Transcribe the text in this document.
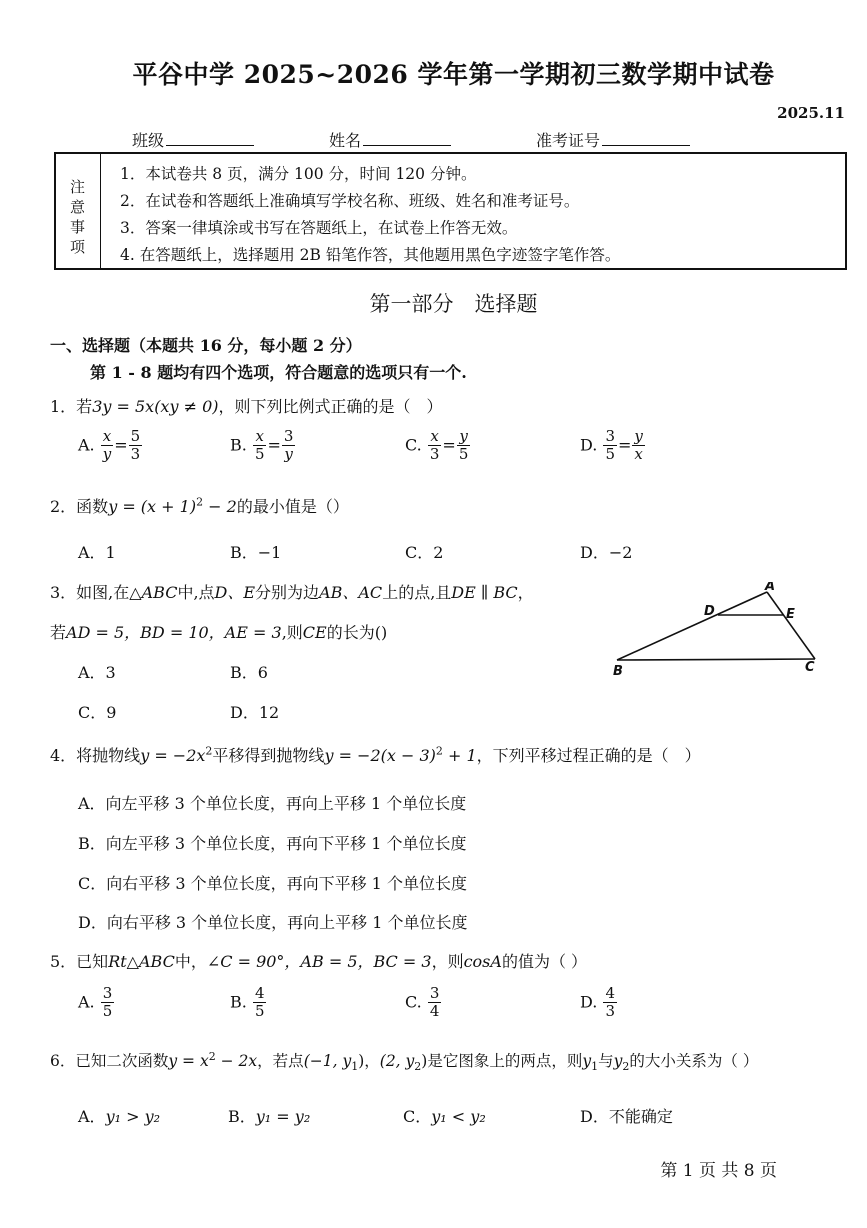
平谷中学 2025~2026 学年第一学期初三数学期中试卷
2025.11
班级	姓名	准考证号
注
意
事
项
1．本试卷共 8 页，满分 100 分，时间 120 分钟。
2．在试卷和答题纸上准确填写学校名称、班级、姓名和准考证号。
3．答案一律填涂或书写在答题纸上，在试卷上作答无效。
4. 在答题纸上，选择题用 2B 铅笔作答，其他题用黑色字迹签字笔作答。
第一部分　选择题
一、选择题（本题共 16 分，每小题 2 分）
第 1 - 8 题均有四个选项，符合题意的选项只有一个.
1．若3y = 5x(xy ≠ 0)，则下列比例式正确的是（　）
A. $\frac{x}{y} = \frac{5}{3}$	B. $\frac{x}{5} = \frac{3}{y}$	C. $\frac{x}{3} = \frac{y}{5}$	D. $\frac{3}{5} = \frac{y}{x}$
2．函数$y = (x + 1)^2 - 2$的最小值是（）
A．1	B．−1	C．2	D．−2
3．如图,在△ABC中,点D、E分别为边AB、AC上的点,且DE ∥ BC，
若AD = 5，BD = 10，AE = 3,则CE的长为()
A．3	B．6
C．9	D．12
A
D	E
B	C
4．将抛物线$y = -2x^2$平移得到抛物线$y = -2(x - 3)^2 + 1$，下列平移过程正确的是（　）
A．向左平移 3 个单位长度，再向上平移 1 个单位长度
B．向左平移 3 个单位长度，再向下平移 1 个单位长度
C．向右平移 3 个单位长度，再向下平移 1 个单位长度
D．向右平移 3 个单位长度，再向上平移 1 个单位长度
5．已知Rt△ABC中，∠C = 90°，AB = 5，BC = 3，则cosA的值为（ ）
A. $\frac{3}{5}$	B. $\frac{4}{5}$	C. $\frac{3}{4}$	D. $\frac{4}{3}$
6．已知二次函数$y = x^2 - 2x$，若点(−1, $y_1$)，(2, $y_2$)是它图象上的两点，则$y_1$与$y_2$的大小关系为（ ）
A．y₁ > y₂	B．y₁ = y₂	C．y₁ < y₂	D．不能确定
第 1 页 共 8 页
